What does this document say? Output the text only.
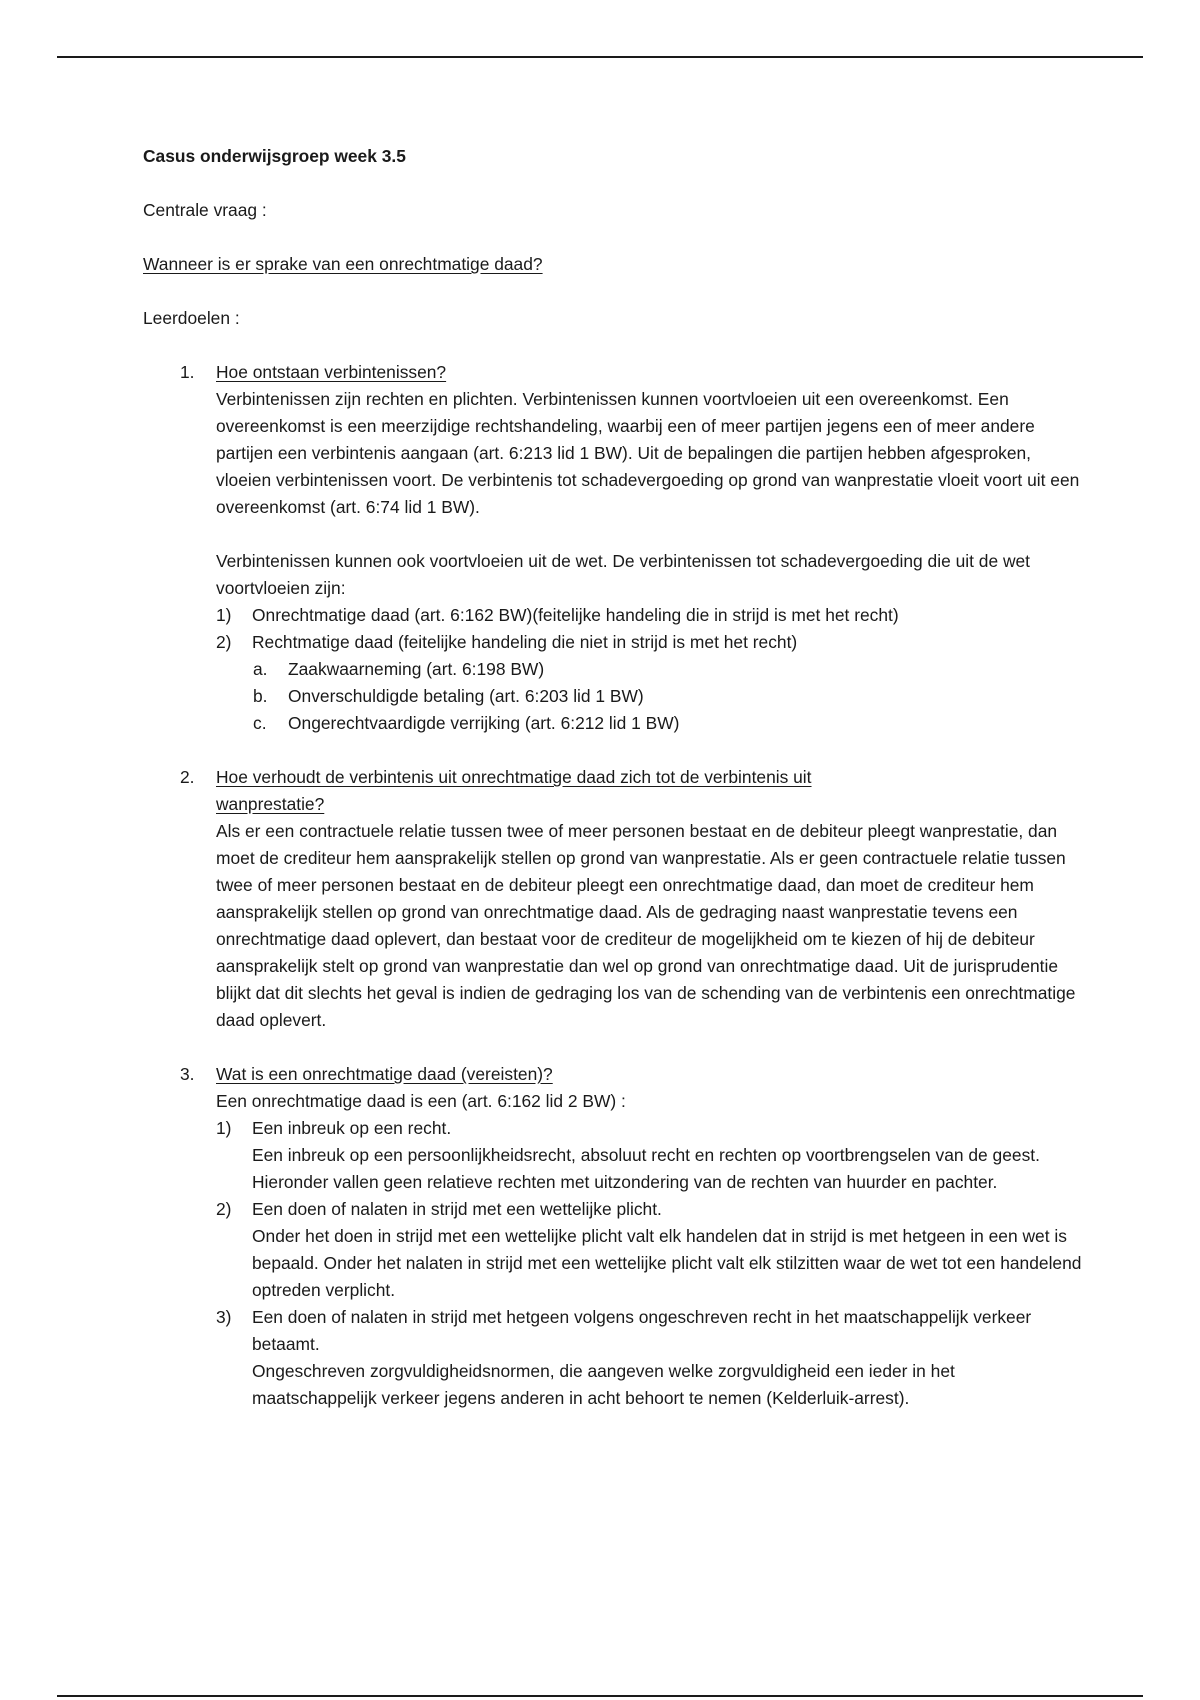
Casus onderwijsgroep week 3.5

Centrale vraag :

Wanneer is er sprake van een onrechtmatige daad?

Leerdoelen :

1. Hoe ontstaan verbintenissen?

Verbintenissen zijn rechten en plichten. Verbintenissen kunnen voortvloeien uit een overeenkomst. Een overeenkomst is een meerzijdige rechtshandeling, waarbij een of meer partijen jegens een of meer andere partijen een verbintenis aangaan (art. 6:213 lid 1 BW). Uit de bepalingen die partijen hebben afgesproken, vloeien verbintenissen voort. De verbintenis tot schadevergoeding op grond van wanprestatie vloeit voort uit een overeenkomst (art. 6:74 lid 1 BW).

Verbintenissen kunnen ook voortvloeien uit de wet. De verbintenissen tot schadevergoeding die uit de wet voortvloeien zijn:

1) Onrechtmatige daad (art. 6:162 BW)(feitelijke handeling die in strijd is met het recht)

2) Rechtmatige daad (feitelijke handeling die niet in strijd is met het recht)

a. Zaakwaarneming (art. 6:198 BW)

b. Onverschuldigde betaling (art. 6:203 lid 1 BW)

c. Ongerechtvaardigde verrijking (art. 6:212 lid 1 BW)

2. Hoe verhoudt de verbintenis uit onrechtmatige daad zich tot de verbintenis uit
wanprestatie?

Als er een contractuele relatie tussen twee of meer personen bestaat en de debiteur pleegt wanprestatie, dan moet de crediteur hem aansprakelijk stellen op grond van wanprestatie. Als er geen contractuele relatie tussen twee of meer personen bestaat en de debiteur pleegt een onrechtmatige daad, dan moet de crediteur hem aansprakelijk stellen op grond van onrechtmatige daad. Als de gedraging naast wanprestatie tevens een onrechtmatige daad oplevert, dan bestaat voor de crediteur de mogelijkheid om te kiezen of hij de debiteur aansprakelijk stelt op grond van wanprestatie dan wel op grond van onrechtmatige daad. Uit de jurisprudentie blijkt dat dit slechts het geval is indien de gedraging los van de schending van de verbintenis een onrechtmatige daad oplevert.

3. Wat is een onrechtmatige daad (vereisten)?

Een onrechtmatige daad is een (art. 6:162 lid 2 BW) :

1) Een inbreuk op een recht.

Een inbreuk op een persoonlijkheidsrecht, absoluut recht en rechten op voortbrengselen van de geest. Hieronder vallen geen relatieve rechten met uitzondering van de rechten van huurder en pachter.

2) Een doen of nalaten in strijd met een wettelijke plicht.

Onder het doen in strijd met een wettelijke plicht valt elk handelen dat in strijd is met hetgeen in een wet is bepaald. Onder het nalaten in strijd met een wettelijke plicht valt elk stilzitten waar de wet tot een handelend optreden verplicht.

3) Een doen of nalaten in strijd met hetgeen volgens ongeschreven recht in het maatschappelijk verkeer betaamt.

Ongeschreven zorgvuldigheidsnormen, die aangeven welke zorgvuldigheid een ieder in het maatschappelijk verkeer jegens anderen in acht behoort te nemen (Kelderluik-arrest).
